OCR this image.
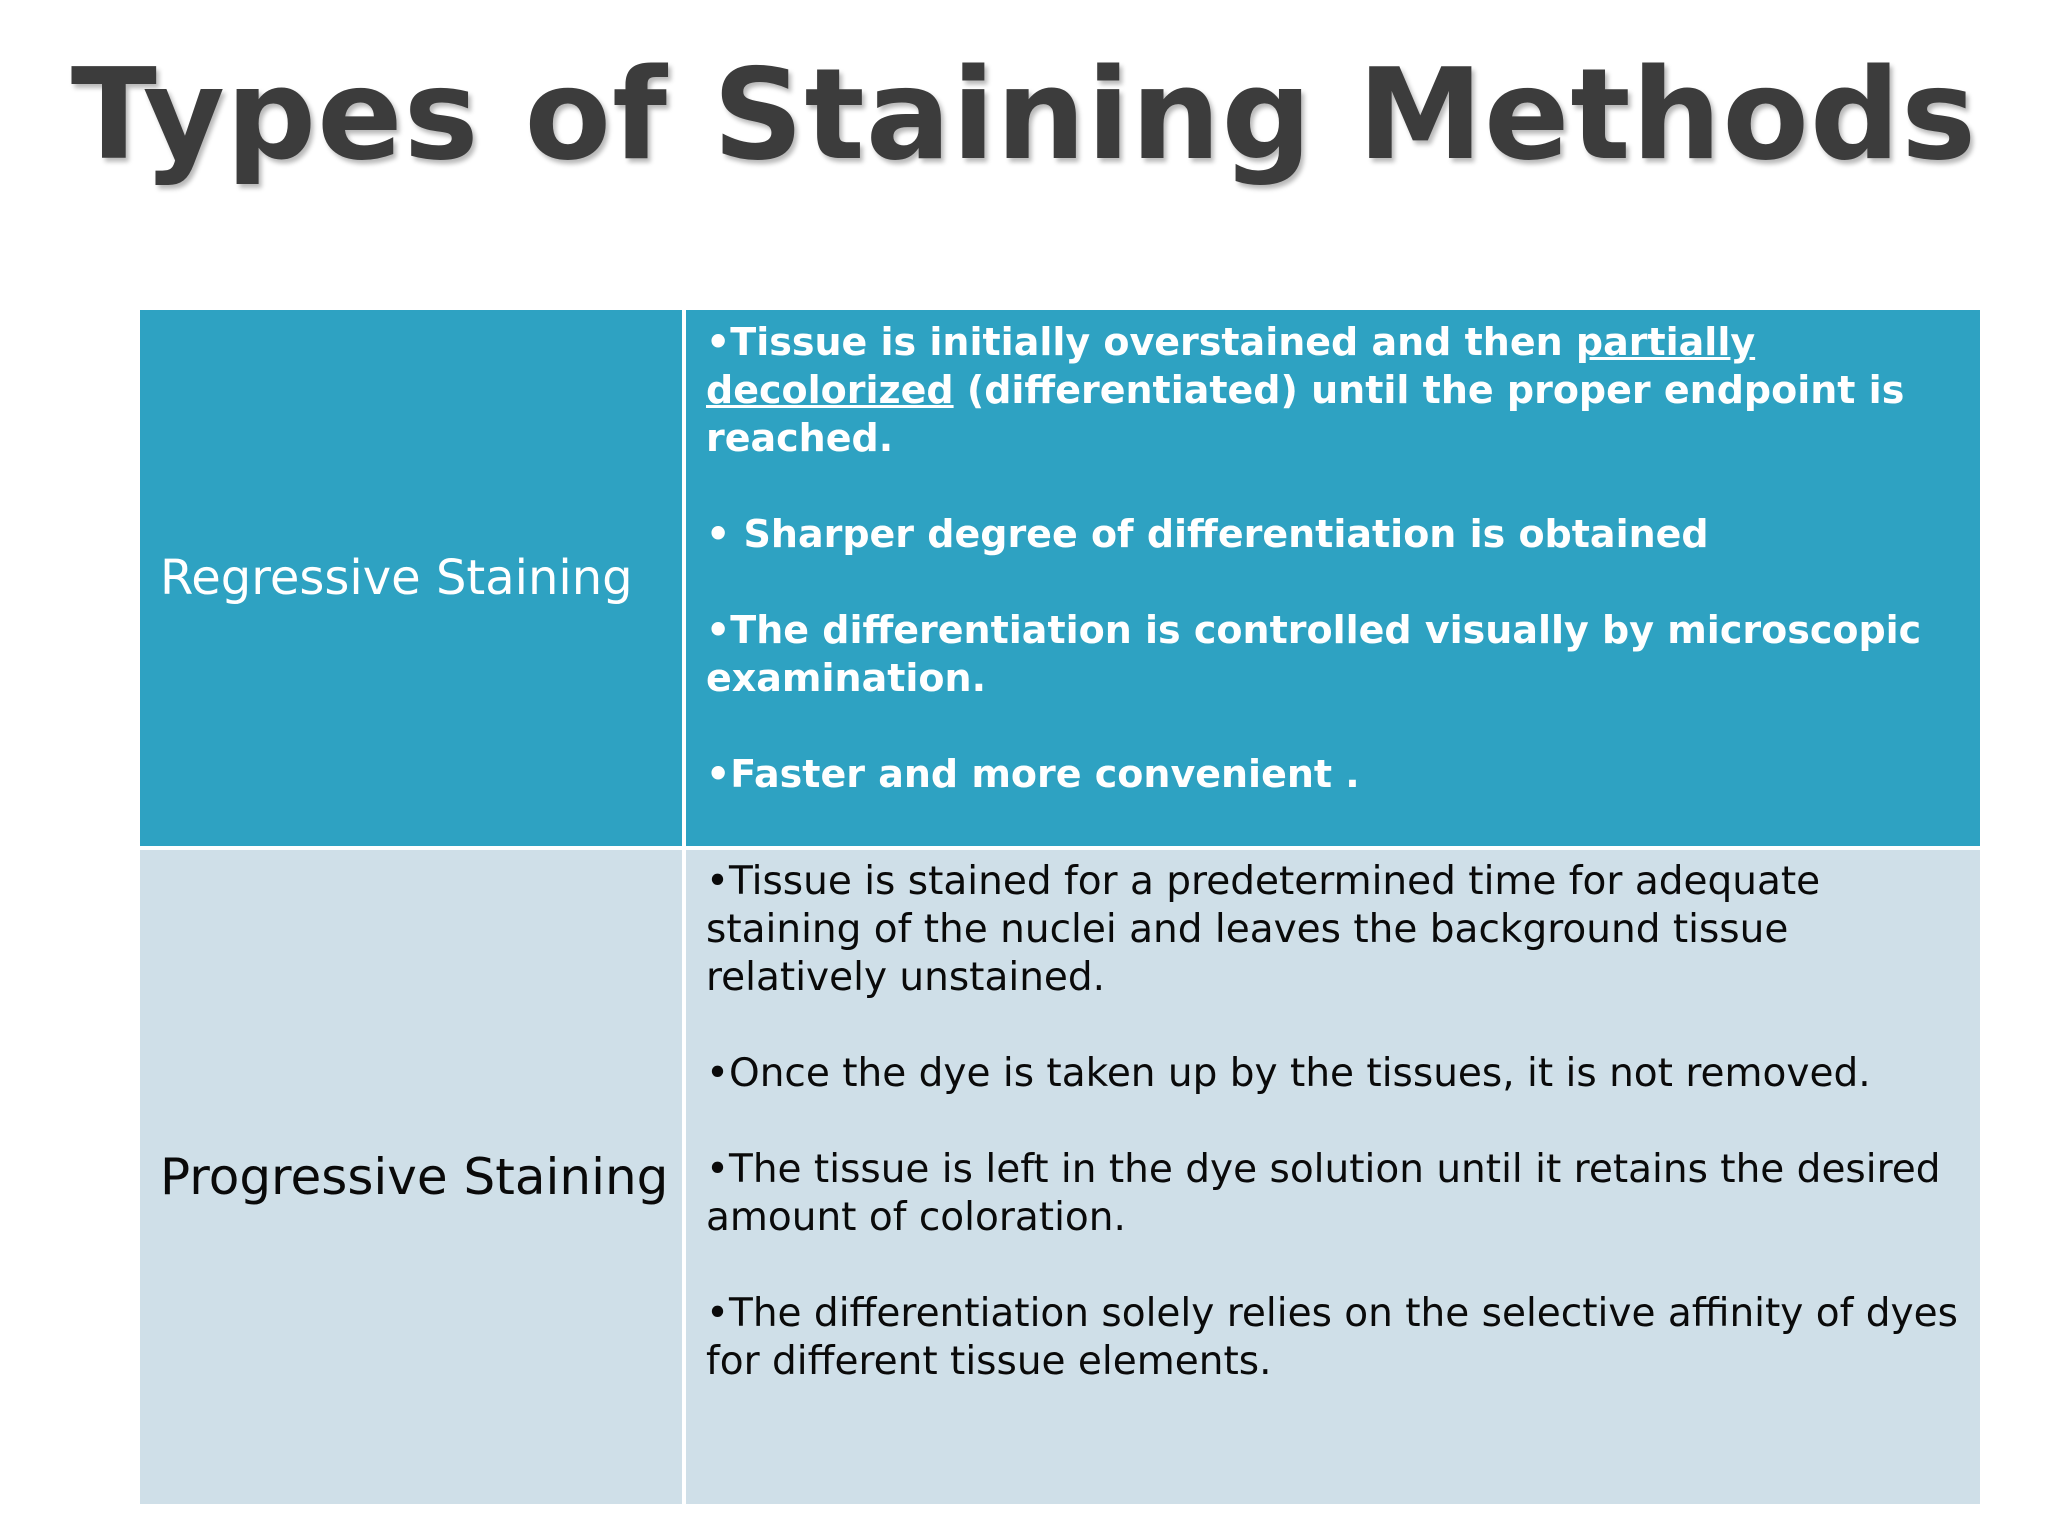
Types of Staining Methods
Regressive Staining	•Tissue is initially overstained and then partially decolorized (differentiated) until the proper endpoint is reached.

• Sharper degree of differentiation is obtained

•The differentiation is controlled visually by microscopic examination.

•Faster and more convenient .

Progressive Staining	•Tissue is stained for a predetermined time for adequate staining of the nuclei and leaves the background tissue relatively unstained.

•Once the dye is taken up by the tissues, it is not removed.

•The tissue is left in the dye solution until it retains the desired amount of coloration.

•The differentiation solely relies on the selective affinity of dyes for different tissue elements.
